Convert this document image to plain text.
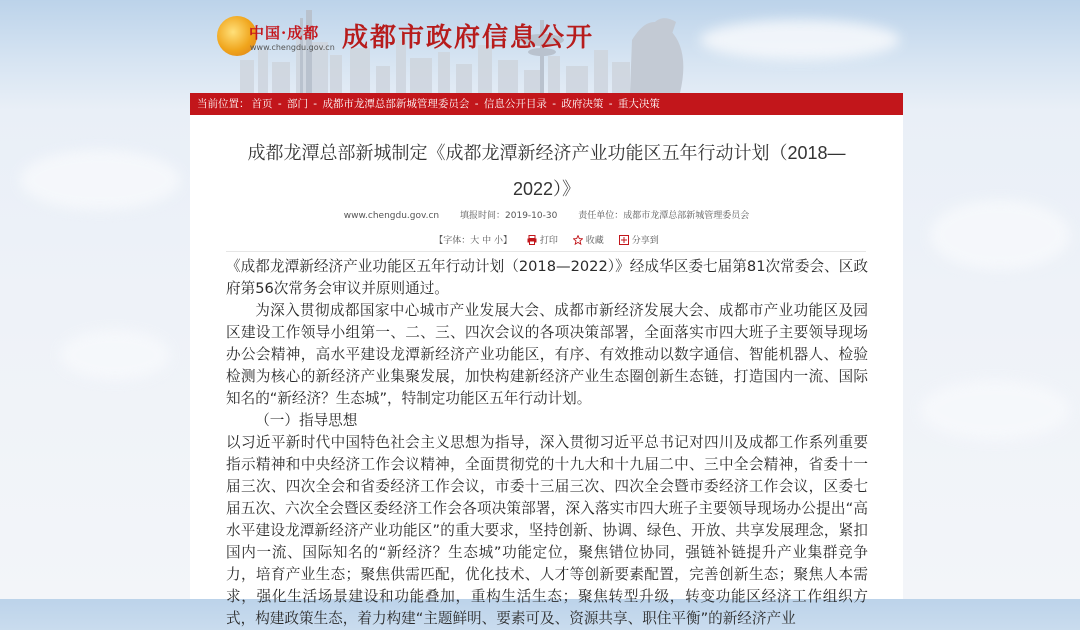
中国·成都
www.chengdu.gov.cn 成都市政府信息公开
当前位置： 首页 - 部门 - 成都市龙潭总部新城管理委员会 - 信息公开目录 - 政府决策 - 重大决策
成都龙潭总部新城制定《成都龙潭新经济产业功能区五年行动计划（2018—
2022）》
www.chengdu.gov.cn 填报时间：2019-10-30 责任单位：成都市龙潭总部新城管理委员会
【字体：大 中 小】	打印	收藏	分享到

《成都龙潭新经济产业功能区五年行动计划（2018—2022）》经成华区委七届第81次常委会、区政府第56次常务会审议并原则通过。

为深入贯彻成都国家中心城市产业发展大会、成都市新经济发展大会、成都市产业功能区及园区建设工作领导小组第一、二、三、四次会议的各项决策部署，全面落实市四大班子主要领导现场办公会精神，高水平建设龙潭新经济产业功能区，有序、有效推动以数字通信、智能机器人、检验检测为核心的新经济产业集聚发展，加快构建新经济产业生态圈创新生态链，打造国内一流、国际知名的“新经济？生态城”，特制定功能区五年行动计划。

（一）指导思想

以习近平新时代中国特色社会主义思想为指导，深入贯彻习近平总书记对四川及成都工作系列重要指示精神和中央经济工作会议精神，全面贯彻党的十九大和十九届二中、三中全会精神，省委十一届三次、四次全会和省委经济工作会议，市委十三届三次、四次全会暨市委经济工作会议，区委七届五次、六次全会暨区委经济工作会各项决策部署，深入落实市四大班子主要领导现场办公提出“高水平建设龙潭新经济产业功能区”的重大要求，坚持创新、协调、绿色、开放、共享发展理念，紧扣国内一流、国际知名的“新经济？生态城”功能定位，聚焦错位协同，强链补链提升产业集群竞争力，培育产业生态；聚焦供需匹配，优化技术、人才等创新要素配置，完善创新生态；聚焦人本需求，强化生活场景建设和功能叠加，重构生活生态；聚焦转型升级，转变功能区经济工作组织方式，构建政策生态，着力构建“主题鲜明、要素可及、资源共享、职住平衡”的新经济产业
